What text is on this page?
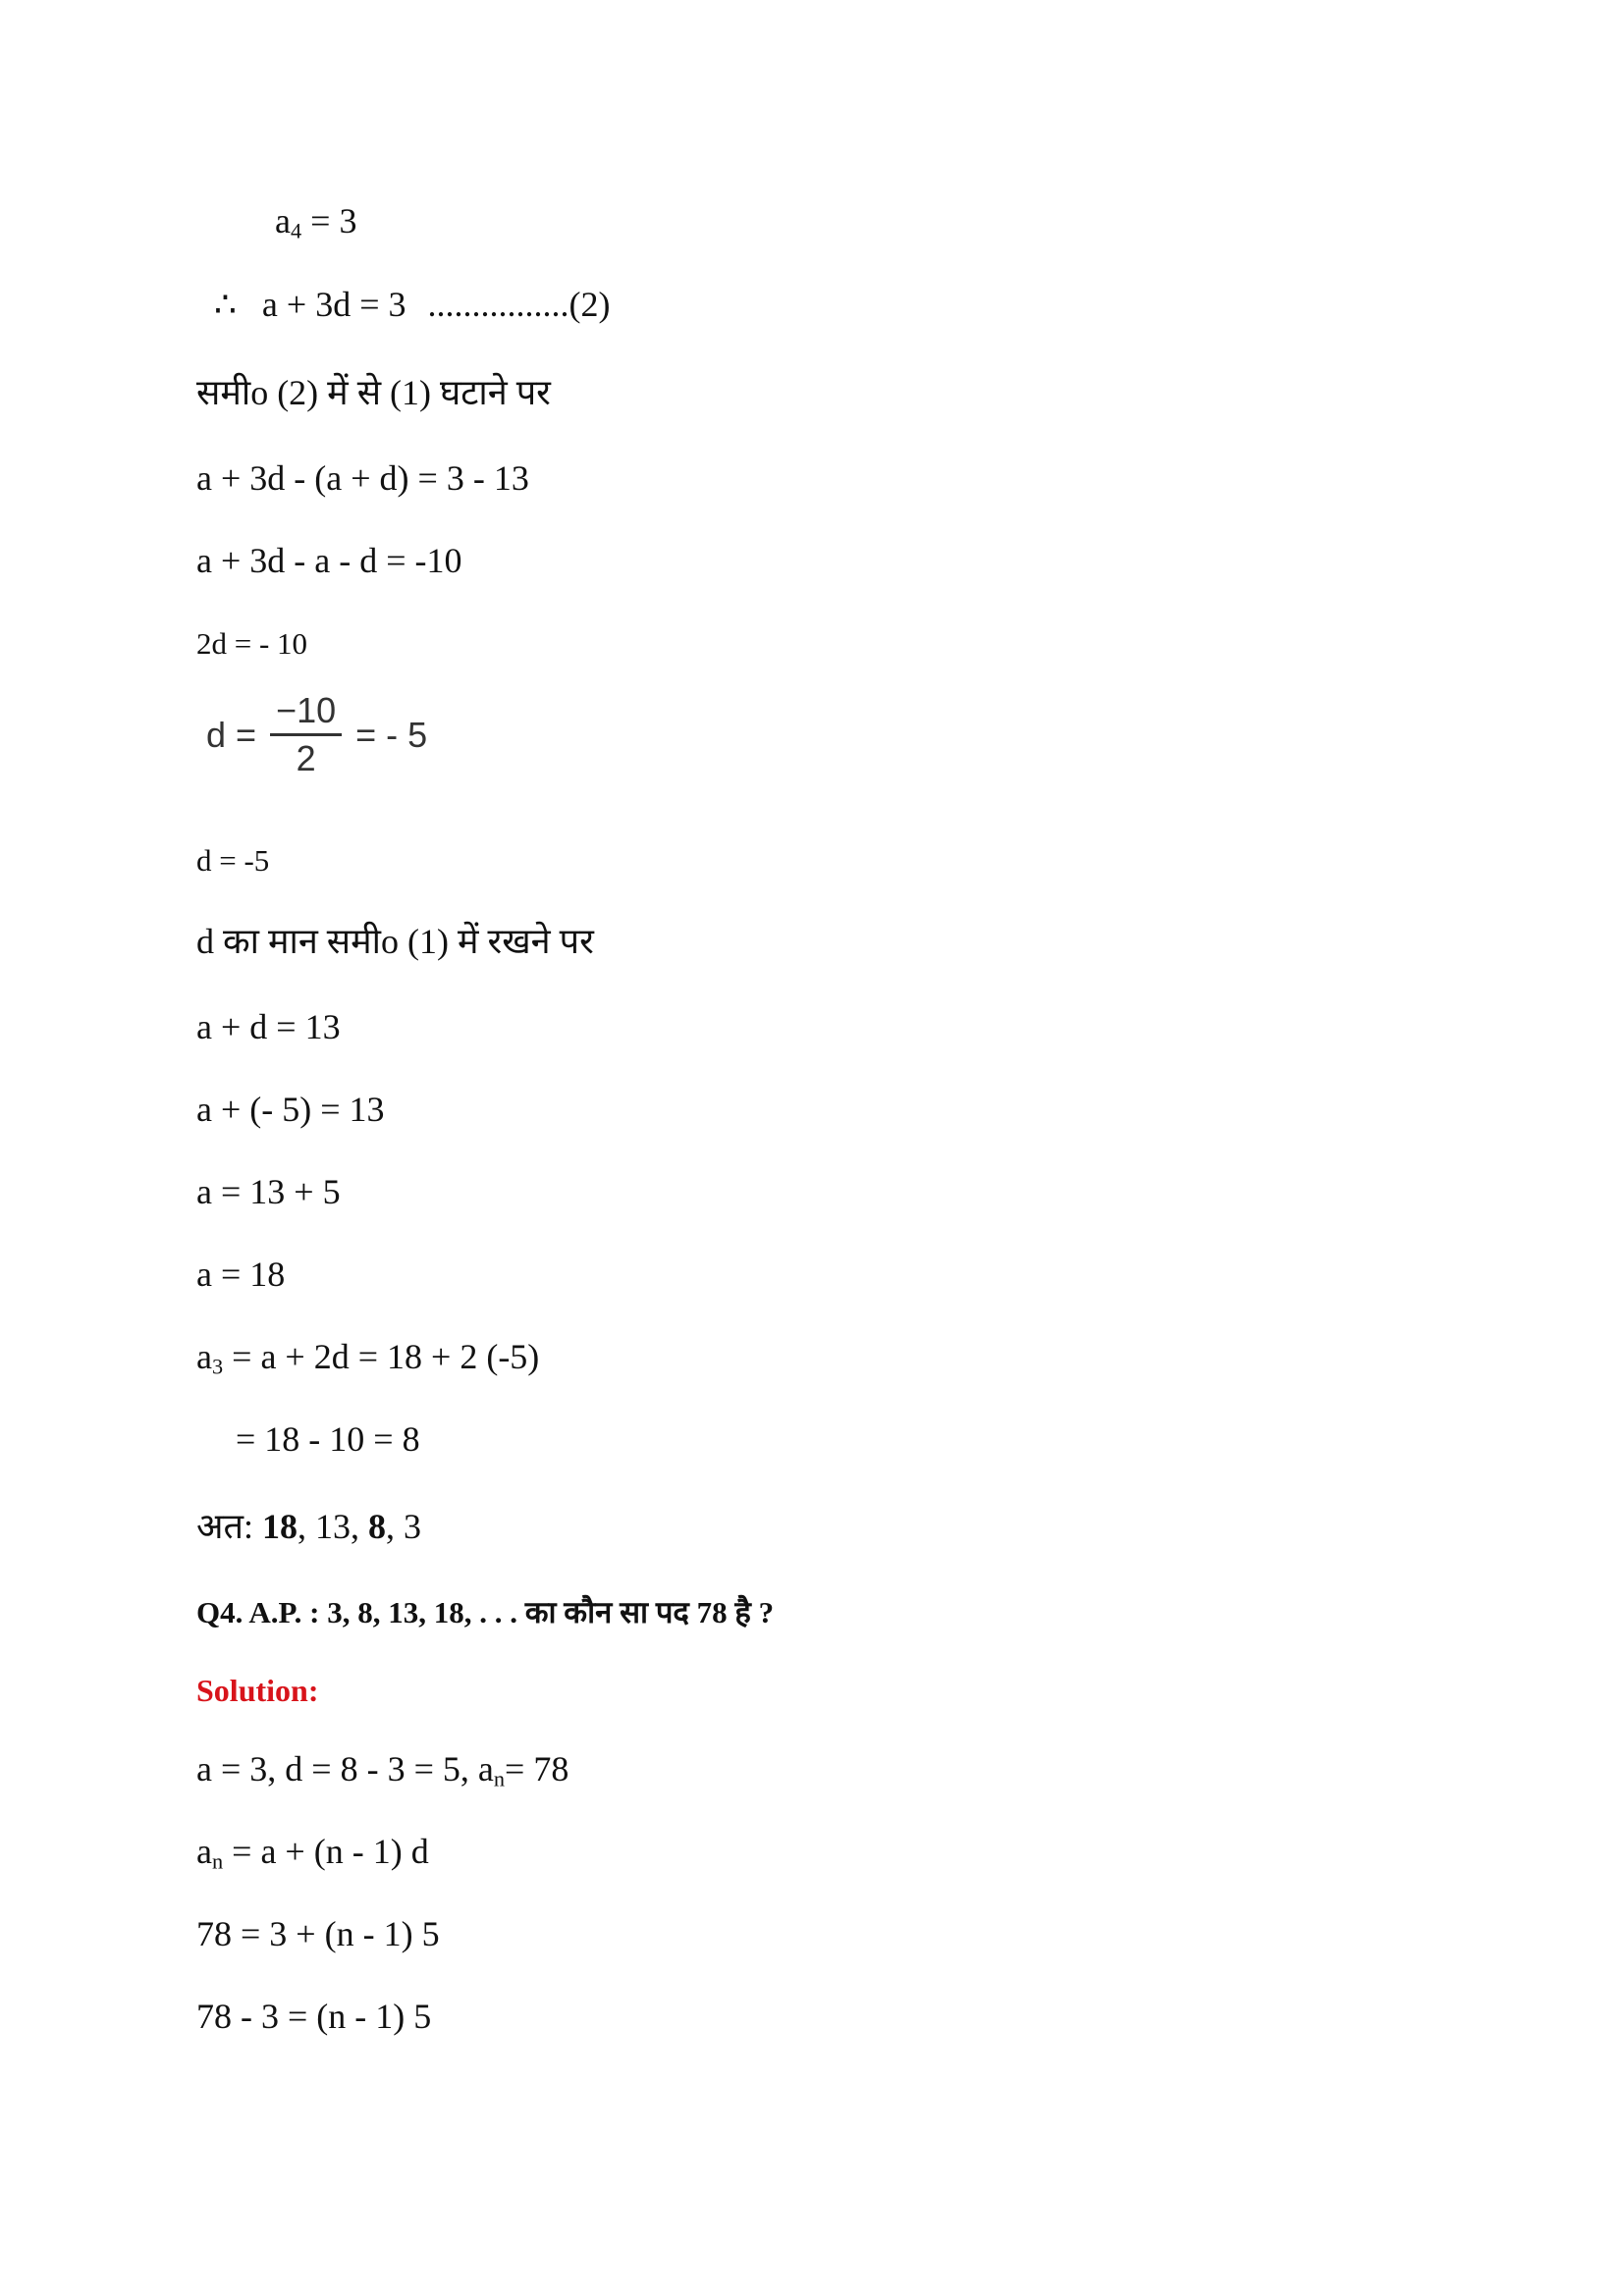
$a_4 = 3$

∴ a + 3d = 3 ................(2)

समीo (2) में से (1) घटाने पर

a + 3d - (a + d) = 3 - 13

a + 3d - a - d = -10

2d = - 10

$d = \frac{-10}{2}$ = - 5

d = -5

d का मान समीo (1) में रखने पर

a + d = 13

a + (- 5) = 13

a = 13 + 5

a = 18

$a_3 = a + 2d = 18 + 2$ (-5)

= 18 - 10 = 8

अत: 18, 13, 8, 3

Q4. A.P. : 3, 8, 13, 18, . . . का कौन सा पद 78 है ?

Solution:

a = 3, d = 8 - 3 = 5, $a_n= 78$

$a_n = a + (n - 1)$ d

78 = 3 + (n - 1) 5

78 - 3 = (n - 1) 5
